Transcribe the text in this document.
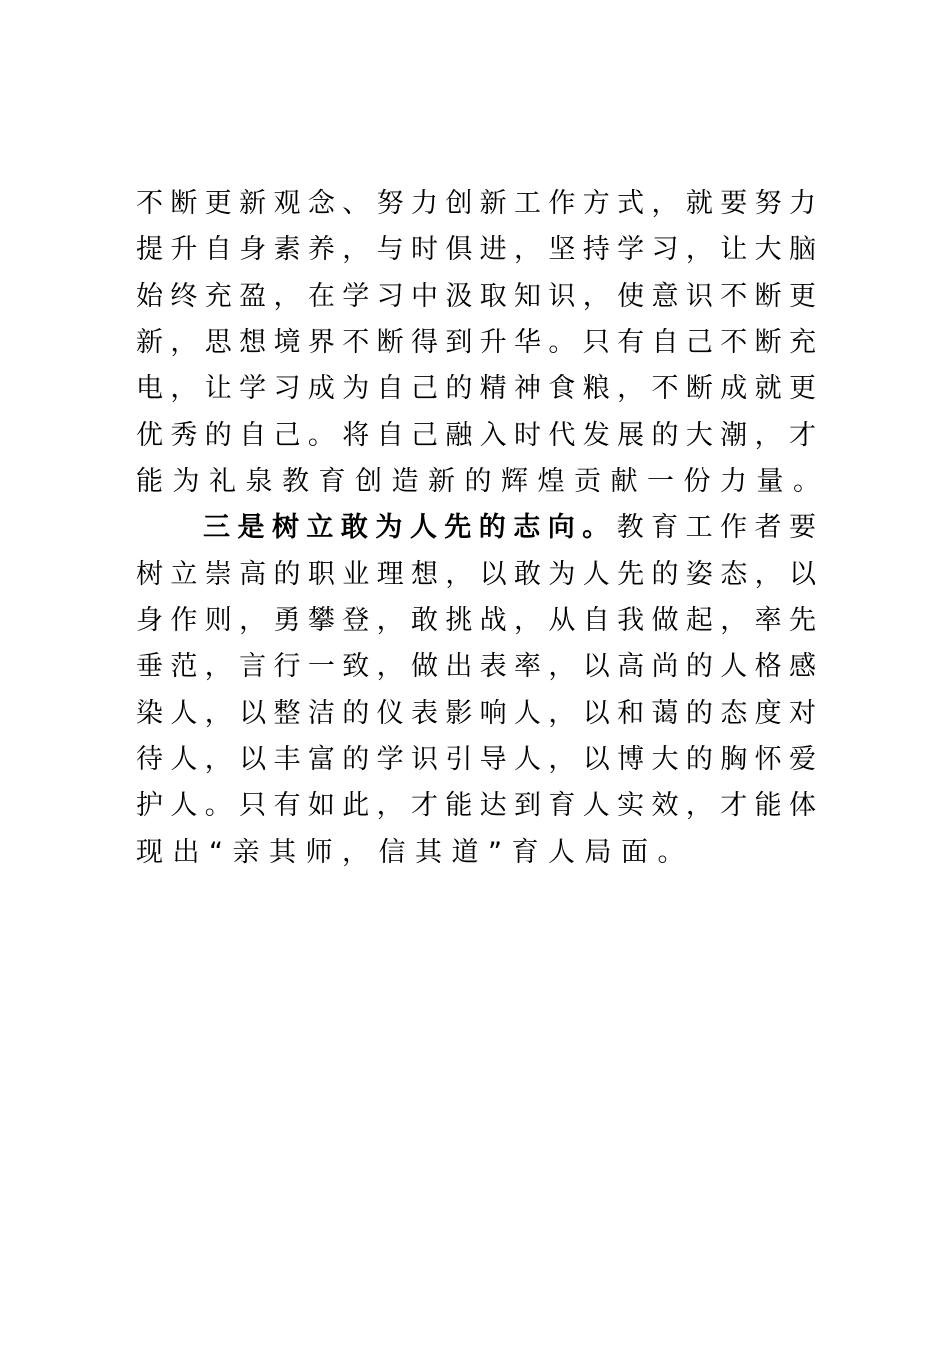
不断更新观念、努力创新工作方式，就要努力
提升自身素养，与时俱进，坚持学习，让大脑
始终充盈，在学习中汲取知识，使意识不断更
新，思想境界不断得到升华。只有自己不断充
电，让学习成为自己的精神食粮，不断成就更
优秀的自己。将自己融入时代发展的大潮，才
能为礼泉教育创造新的辉煌贡献一份力量。
三是树立敢为人先的志向。教育工作者要
树立崇高的职业理想，以敢为人先的姿态，以
身作则，勇攀登，敢挑战，从自我做起，率先
垂范，言行一致，做出表率，以高尚的人格感
染人，以整洁的仪表影响人，以和蔼的态度对
待人，以丰富的学识引导人，以博大的胸怀爱
护人。只有如此，才能达到育人实效，才能体
现出“亲其师，信其道”育人局面。
